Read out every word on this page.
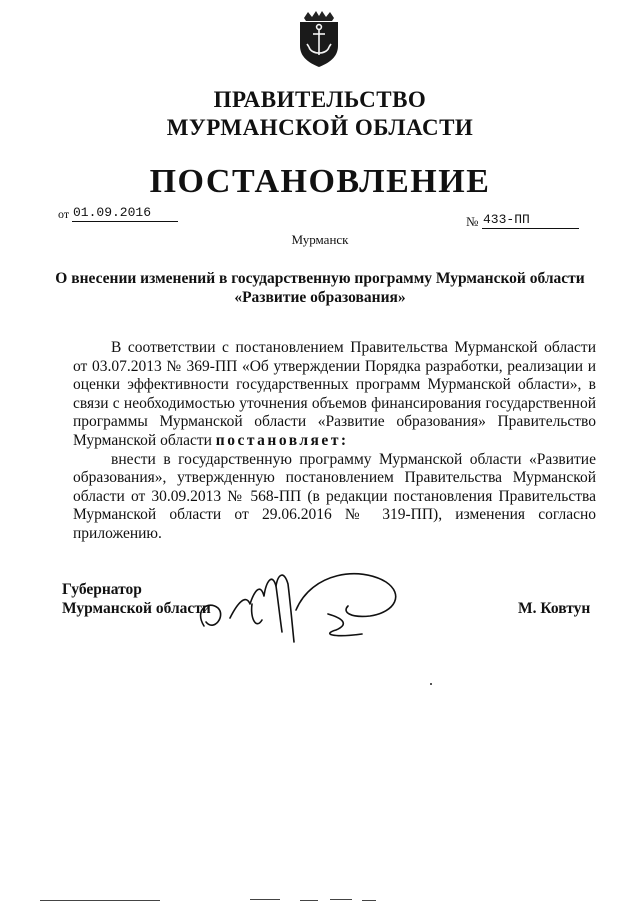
ПРАВИТЕЛЬСТВО
МУРМАНСКОЙ ОБЛАСТИ
ПОСТАНОВЛЕНИЕ
от 01.09.2016
№ 433-ПП
Мурманск
О внесении изменений в государственную программу Мурманской области
«Развитие образования»

В соответствии с постановлением Правительства Мурманской области от 03.07.2013 № 369-ПП «Об утверждении Порядка разработки, реализации и оценки эффективности государственных программ Мурманской области», в связи с необходимостью уточнения объемов финансирования государственной программы Мурманской области «Развитие образования» Правительство Мурманской области постановляет:

внести в государственную программу Мурманской области «Развитие образования», утвержденную постановлением Правительства Мурманской области от 30.09.2013 № 568-ПП (в редакции постановления Правительства Мурманской области от 29.06.2016 № 319-ПП), изменения согласно приложению.

Губернатор
Мурманской области	М. Ковтун
